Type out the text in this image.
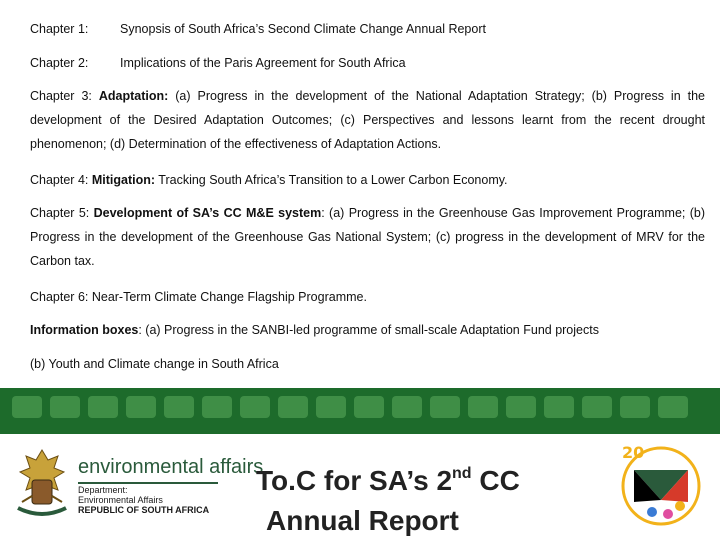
Chapter 1:	Synopsis of South Africa’s Second Climate Change Annual Report
Chapter 2:	Implications of the Paris Agreement for South Africa
Chapter 3: Adaptation: (a) Progress in the development of the National Adaptation Strategy; (b) Progress in the development of the Desired Adaptation Outcomes; (c) Perspectives and lessons learnt from the recent drought phenomenon; (d) Determination of the effectiveness of Adaptation Actions.
Chapter 4: Mitigation: Tracking South Africa’s Transition to a Lower Carbon Economy.
Chapter 5: Development of SA’s CC M&E system: (a) Progress in the Greenhouse Gas Improvement Programme; (b) Progress in the development of the Greenhouse Gas National System; (c) progress in the development of MRV for the Carbon tax.
Chapter 6: Near-Term Climate Change Flagship Programme.
Information boxes: (a) Progress in the SANBI-led programme of small-scale Adaptation Fund projects
(b) Youth and Climate change in South Africa
environmental affairs
Department:
Environmental Affairs
REPUBLIC OF SOUTH AFRICA
To.C for SA’s 2nd CC
Annual Report
20
